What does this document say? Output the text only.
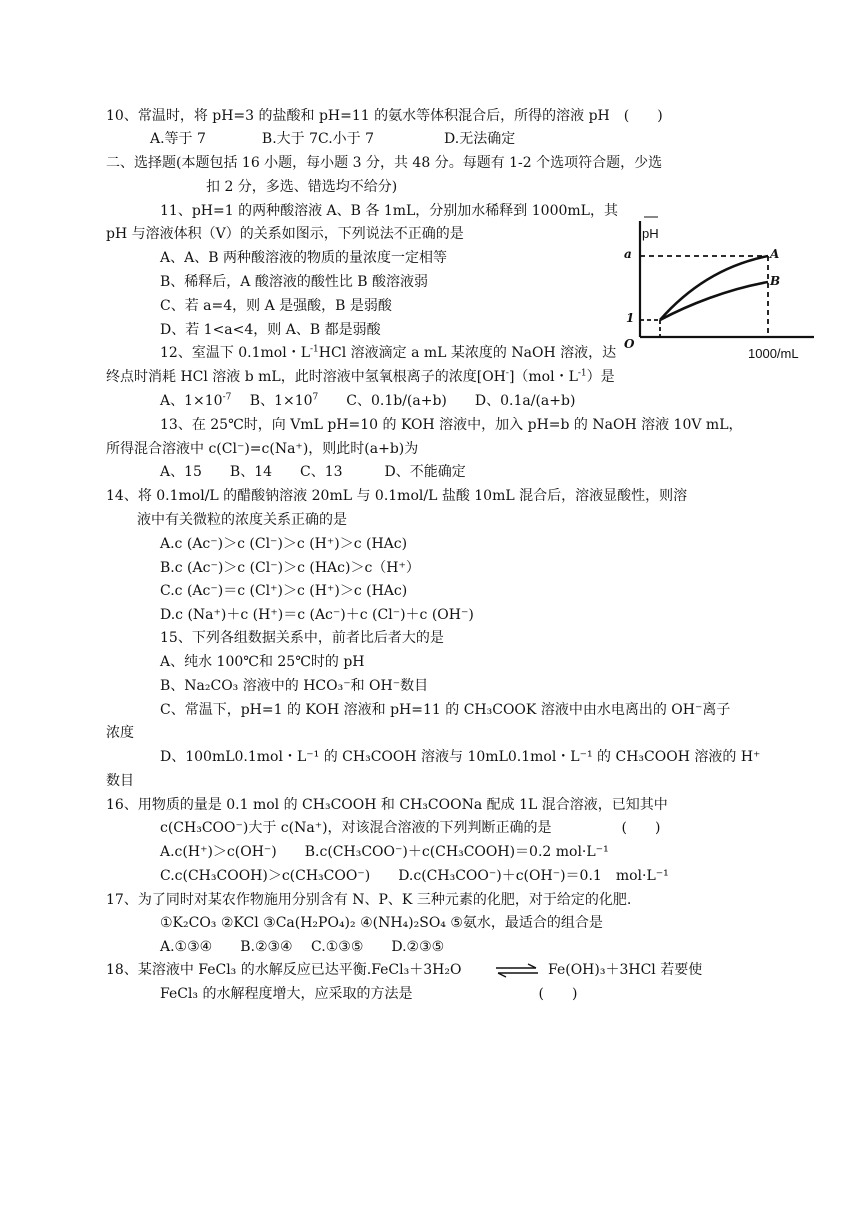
10、常温时，将 pH=3 的盐酸和 pH=11 的氨水等体积混合后，所得的溶液 pH　(　　)
A.等于 7　　　　B.大于 7C.小于 7　　　　　D.无法确定
二、选择题(本题包括 16 小题，每小题 3 分，共 48 分。每题有 1-2 个选项符合题，少选
扣 2 分，多选、错选均不给分)
11、pH=1 的两种酸溶液 A、B 各 1mL，分别加水稀释到 1000mL，其
pH 与溶液体积（V）的关系如图示，下列说法不正确的是
A、A、B 两种酸溶液的物质的量浓度一定相等
B、稀释后，A 酸溶液的酸性比 B 酸溶液弱
C、若 a=4，则 A 是强酸，B 是弱酸
D、若 1<a<4，则 A、B 都是弱酸
pH
a
1
O
A
B
1000/mL
12、室温下 0.1mol・$L^{-1}HCl$ 溶液滴定 a mL 某浓度的 NaOH 溶液，达
终点时消耗 HCl 溶液 b mL，此时溶液中氢氧根离子的浓度[OH-]（mol・$L^{-1}$）是
A、$1\times 10^{-7}$　 B、$1\times 10^7$　　C、0.1b/(a+b)　　D、0.1a/(a+b)
13、在 25℃时，向 VmL pH=10 的 KOH 溶液中，加入 pH=b 的 NaOH 溶液 10V mL，
所得混合溶液中 c(Cl⁻)=c(Na⁺)，则此时(a+b)为
A、15　　B、14　　C、13　　　D、不能确定
14、将 0.1mol/L 的醋酸钠溶液 20mL 与 0.1mol/L 盐酸 10mL 混合后，溶液显酸性，则溶
液中有关微粒的浓度关系正确的是
A.c (Ac⁻)＞c (Cl⁻)＞c (H⁺)＞c (HAc)
B.c (Ac⁻)＞c (Cl⁻)＞c (HAc)＞c（H⁺）
C.c (Ac⁻)＝c (Cl⁺)＞c (H⁺)＞c (HAc)
D.c (Na⁺)＋c (H⁺)＝c (Ac⁻)＋c (Cl⁻)＋c (OH⁻)
15、下列各组数据关系中，前者比后者大的是
A、纯水 100℃和 25℃时的 pH
B、Na₂CO₃ 溶液中的 HCO₃⁻和 OH⁻数目
C、常温下，pH=1 的 KOH 溶液和 pH=11 的 CH₃COOK 溶液中由水电离出的 OH⁻离子
浓度
D、100mL0.1mol・L⁻¹ 的 CH₃COOH 溶液与 10mL0.1mol・L⁻¹ 的 CH₃COOH 溶液的 H⁺
数目
16、用物质的量是 0.1 mol 的 CH₃COOH 和 CH₃COONa 配成 1L 混合溶液，已知其中
c(CH₃COO⁻)大于 c(Na⁺)，对该混合溶液的下列判断正确的是　　　　　(　　)
A.c(H⁺)＞c(OH⁻)　　B.c(CH₃COO⁻)＋c(CH₃COOH)＝0.2 mol·L⁻¹
C.c(CH₃COOH)＞c(CH₃COO⁻)　　D.c(CH₃COO⁻)＋c(OH⁻)＝0.1　mol·L⁻¹
17、为了同时对某农作物施用分别含有 N、P、K 三种元素的化肥，对于给定的化肥.
①K₂CO₃ ②KCl ③Ca(H₂PO₄)₂ ④(NH₄)₂SO₄ ⑤氨水，最适合的组合是
A.①③④　　B.②③④　 C.①③⑤　　D.②③⑤
18、某溶液中 FeCl₃ 的水解反应已达平衡.FeCl₃＋3H₂O ⇌ Fe(OH)₃＋3HCl 若要使
FeCl₃ 的水解程度增大，应采取的方法是　　　　　　　　　(　　)
